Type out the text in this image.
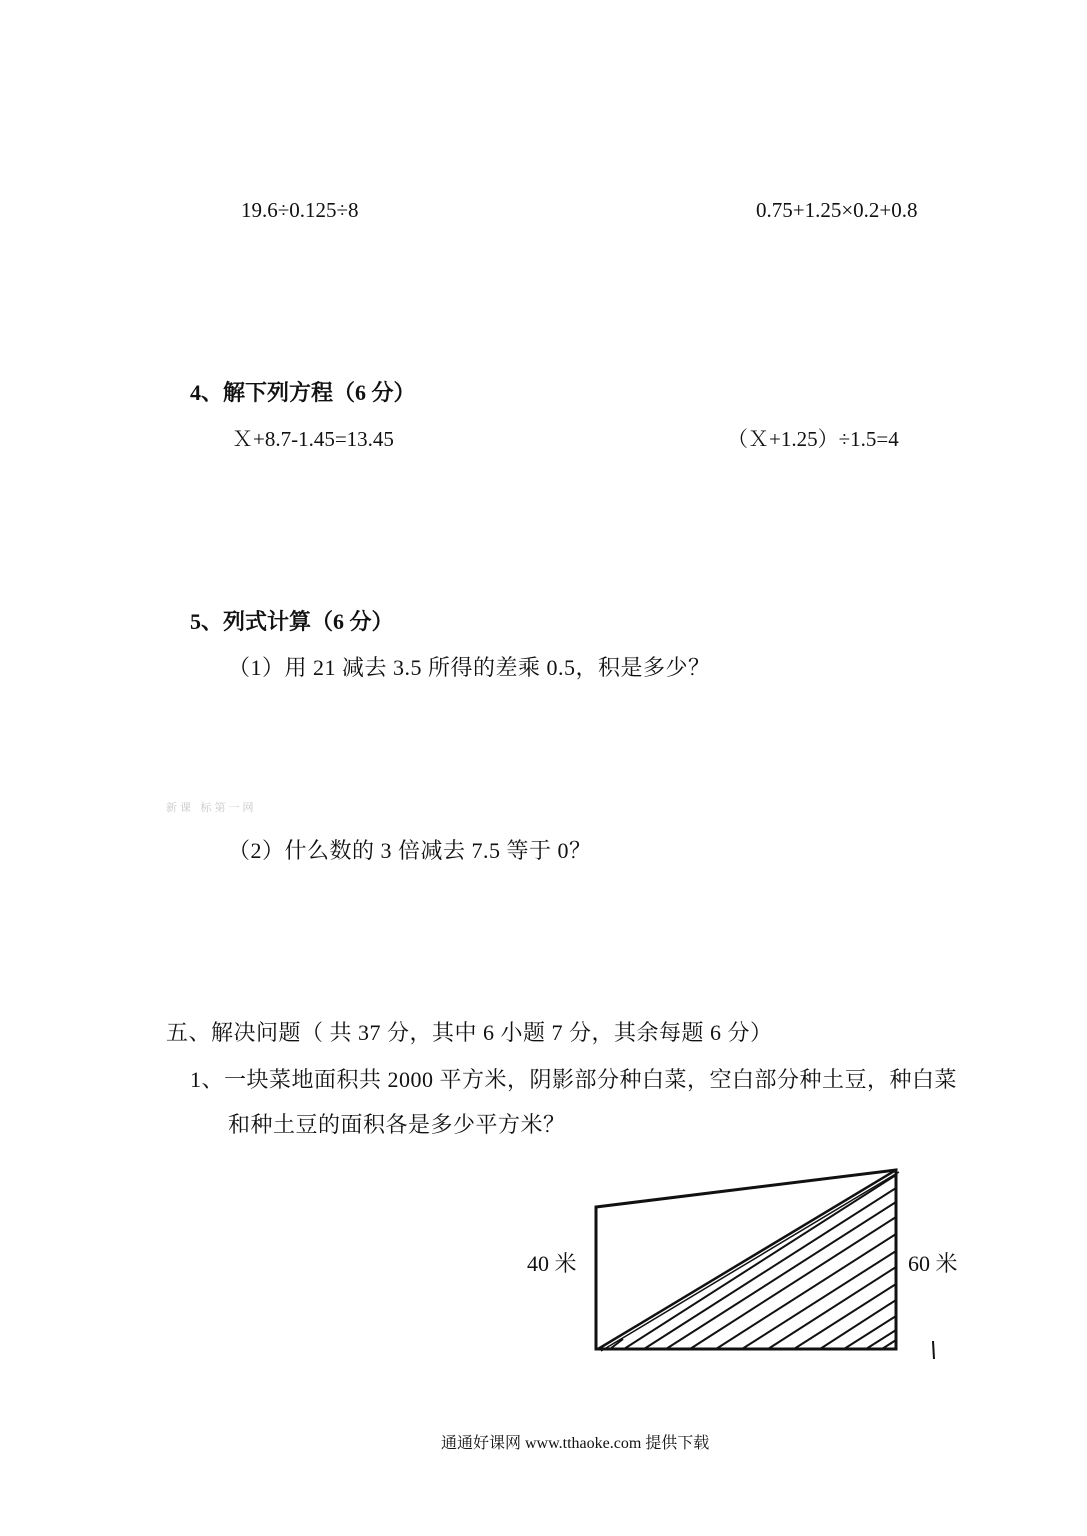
19.6÷0.125÷8	0.75+1.25×0.2+0.8
4、解下列方程（6 分）
Ｘ+8.7-1.45=13.45	（Ｘ+1.25）÷1.5=4
5、列式计算（6 分）
（1）用 21 减去 3.5 所得的差乘 0.5，积是多少？
新课 标第一网
（2）什么数的 3 倍减去 7.5 等于 0？
五、解决问题（ 共 37 分，其中 6 小题 7 分，其余每题 6 分）
1、一块菜地面积共 2000 平方米，阴影部分种白菜，空白部分种土豆，种白菜
和种土豆的面积各是多少平方米？
40 米	60 米
通通好课网 www.tthaoke.com 提供下载
